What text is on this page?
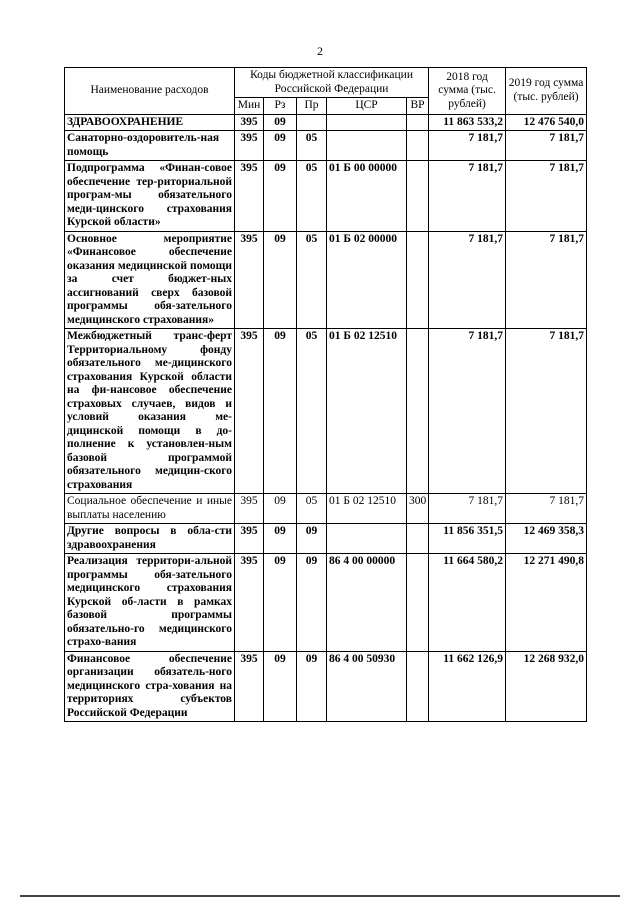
2
Наименование расходов	Коды бюджетной классификации Российской Федерации					2018 год сумма (тыс. рублей)	2019 год сумма (тыс. рублей)
	Мин	Рз	Пр	ЦСР	ВР		
ЗДРАВООХРАНЕНИЕ	395	09				11 863 533,2	12 476 540,0
Санаторно-оздоровитель-ная помощь	395	09	05			7 181,7	7 181,7
Подпрограмма «Финан-совое обеспечение тер-риториальной програм-мы обязательного меди-цинского страхования Курской области»	395	09	05	01 Б 00 00000		7 181,7	7 181,7
Основное мероприятие «Финансовое обеспечение оказания медицинской помощи за счет бюджет-ных ассигнований сверх базовой программы обя-зательного медицинского страхования»	395	09	05	01 Б 02 00000		7 181,7	7 181,7
Межбюджетный транс-ферт Территориальному фонду обязательного ме-дицинского страхования Курской области на фи-нансовое обеспечение страховых случаев, видов и условий оказания ме-дицинской помощи в до-полнение к установлен-ным базовой программой обязательного медицин-ского страхования	395	09	05	01 Б 02 12510		7 181,7	7 181,7
Социальное обеспечение и иные выплаты населению	395	09	05	01 Б 02 12510	300	7 181,7	7 181,7
Другие вопросы в обла-сти здравоохранения	395	09	09			11 856 351,5	12 469 358,3
Реализация территори-альной программы обя-зательного медицинского страхования Курской об-ласти в рамках базовой программы обязательно-го медицинского страхо-вания	395	09	09	86 4 00 00000		11 664 580,2	12 271 490,8
Финансовое обеспечение организации обязатель-ного медицинского стра-хования на территориях субъектов Российской Федерации	395	09	09	86 4 00 50930		11 662 126,9	12 268 932,0
